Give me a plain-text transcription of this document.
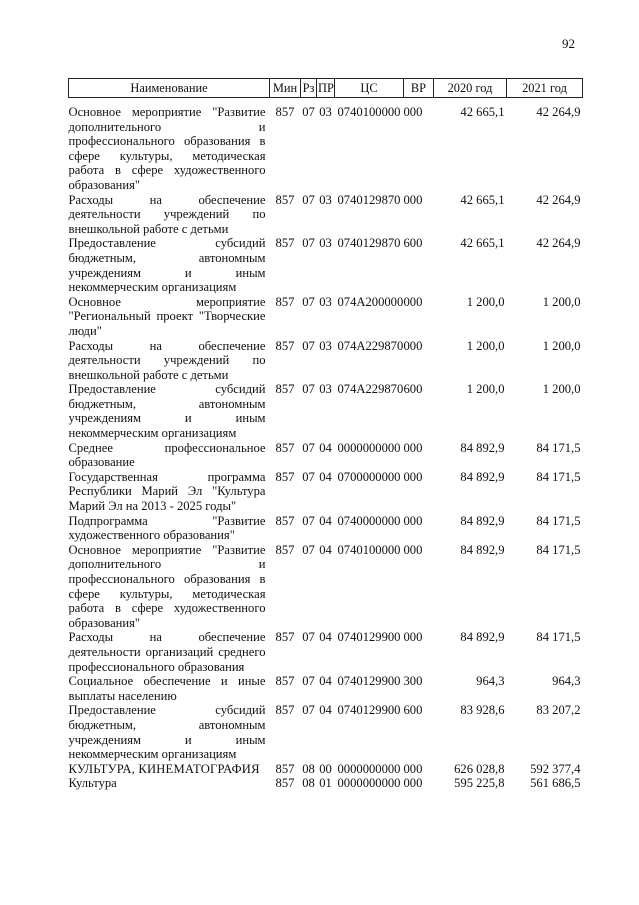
92
Наименование	Мин	Рз	ПР	ЦС	ВР	2020 год	2021 год
Основное мероприятие "Развитие дополнительного и профессионального образования в сфере культуры, методическая работа в сфере художественного образования"	857	07	03	0740100000	000	42 665,1	42 264,9
Расходы на обеспечение деятельности учреждений по внешкольной работе с детьми	857	07	03	0740129870	000	42 665,1	42 264,9
Предоставление субсидий бюджетным, автономным учреждениям и иным некоммерческим организациям	857	07	03	0740129870	600	42 665,1	42 264,9
Основное мероприятие "Региональный проект "Творческие люди"	857	07	03	074A200000	000	1 200,0	1 200,0
Расходы на обеспечение деятельности учреждений по внешкольной работе с детьми	857	07	03	074A229870	000	1 200,0	1 200,0
Предоставление субсидий бюджетным, автономным учреждениям и иным некоммерческим организациям	857	07	03	074A229870	600	1 200,0	1 200,0
Среднее профессиональное образование	857	07	04	0000000000	000	84 892,9	84 171,5
Государственная программа Республики Марий Эл "Культура Марий Эл на 2013 - 2025 годы"	857	07	04	0700000000	000	84 892,9	84 171,5
Подпрограмма "Развитие художественного образования"	857	07	04	0740000000	000	84 892,9	84 171,5
Основное мероприятие "Развитие дополнительного и профессионального образования в сфере культуры, методическая работа в сфере художественного образования"	857	07	04	0740100000	000	84 892,9	84 171,5
Расходы на обеспечение деятельности организаций среднего профессионального образования	857	07	04	0740129900	000	84 892,9	84 171,5
Социальное обеспечение и иные выплаты населению	857	07	04	0740129900	300	964,3	964,3
Предоставление субсидий бюджетным, автономным учреждениям и иным некоммерческим организациям	857	07	04	0740129900	600	83 928,6	83 207,2
КУЛЬТУРА, КИНЕМАТОГРАФИЯ	857	08	00	0000000000	000	626 028,8	592 377,4
Культура	857	08	01	0000000000	000	595 225,8	561 686,5
